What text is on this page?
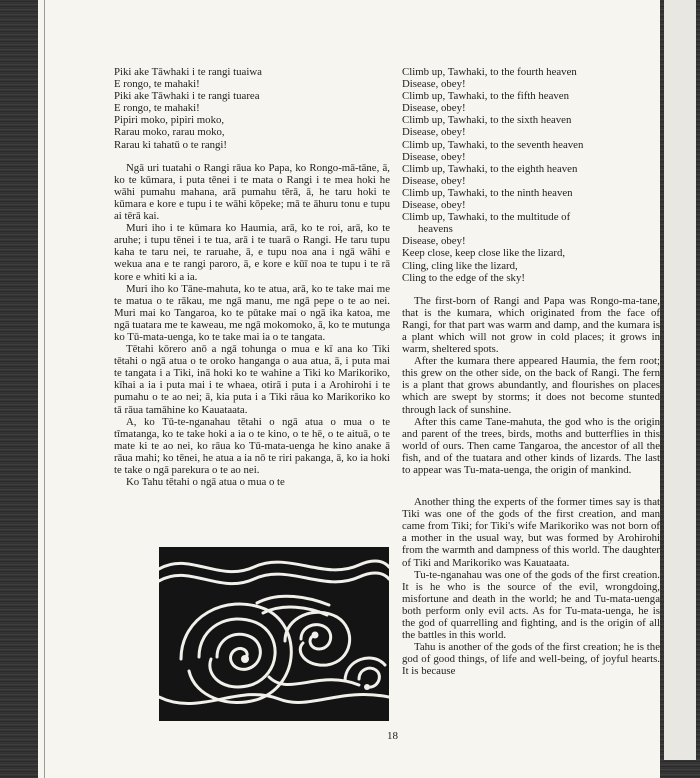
Piki ake Tāwhaki i te rangi tuaiwa
E rongo, te mahaki!
Piki ake Tāwhaki i te rangi tuarea
E rongo, te mahaki!
Pipiri moko, pipiri moko,
Rarau moko, rarau moko,
Rarau ki tahatū o te rangi!

Ngā uri tuatahi o Rangi rāua ko Papa, ko Rongo-mā-tāne, ā, ko te kūmara, i puta tēnei i te mata o Rangi i te mea hoki he wāhi pumahu mahana, arā pumahu tērā, ā, he taru hoki te kūmara e kore e tupu i te wāhi kōpeke; mā te āhuru tonu e tupu ai tērā kai.

Muri iho i te kūmara ko Haumia, arā, ko te roi, arā, ko te aruhe; i tupu tēnei i te tua, arā i te tuarā o Rangi. He taru tupu kaha te taru nei, te raruahe, ā, e tupu noa ana i ngā wāhi e wekua ana e te rangi paroro, ā, e kore e kūī noa te tupu i te rā kore e whiti ki a ia.

Muri iho ko Tāne-mahuta, ko te atua, arā, ko te take mai me te matua o te rākau, me ngā manu, me ngā pepe o te ao nei. Muri mai ko Tangaroa, ko te pūtake mai o ngā ika katoa, me ngā tuatara me te kaweau, me ngā mokomoko, ā, ko te mutunga ko Tū-mata-uenga, ko te take mai ia o te tangata.

Tētahi kōrero anō a ngā tohunga o mua e kī ana ko Tiki tētahi o ngā atua o te oroko hanganga o aua atua, ā, i puta mai te tangata i a Tiki, inā hoki ko te wahine a Tiki ko Marikoriko, kīhai a ia i puta mai i te whaea, otirā i puta i a Arohirohi i te pumahu o te ao nei; ā, kia puta i a Tiki rāua ko Marikoriko ko tā rāua tamāhine ko Kauataata.

A, ko Tū-te-nganahau tētahi o ngā atua o mua o te tīmatanga, ko te take hoki a ia o te kino, o te hē, o te aituā, o te mate ki te ao nei, ko rāua ko Tū-mata-uenga he kino anake ā rāua mahi; ko tēnei, he atua a ia nō te riri pakanga, ā, ko ia hoki te take o ngā parekura o te ao nei.

Ko Tahu tētahi o ngā atua o mua o te

Climb up, Tawhaki, to the fourth heaven
Disease, obey!
Climb up, Tawhaki, to the fifth heaven
Disease, obey!
Climb up, Tawhaki, to the sixth heaven
Disease, obey!
Climb up, Tawhaki, to the seventh heaven
Disease, obey!
Climb up, Tawhaki, to the eighth heaven
Disease, obey!
Climb up, Tawhaki, to the ninth heaven
Disease, obey!
Climb up, Tawhaki, to the multitude of
heavens
Disease, obey!
Keep close, keep close like the lizard,
Cling, cling like the lizard,
Cling to the edge of the sky!

The first-born of Rangi and Papa was Rongo-ma-tane, that is the kumara, which originated from the face of Rangi, for that part was warm and damp, and the kumara is a plant which will not grow in cold places; it grows in warm, sheltered spots.

After the kumara there appeared Haumia, the fern root; this grew on the other side, on the back of Rangi. The fern is a plant that grows abundantly, and flourishes on places which are swept by storms; it does not become stunted through lack of sunshine.

After this came Tane-mahuta, the god who is the origin and parent of the trees, birds, moths and butterflies in this world of ours. Then came Tangaroa, the ancestor of all the fish, and of the tuatara and other kinds of lizards. The last to appear was Tu-mata-uenga, the origin of mankind.

Another thing the experts of the former times say is that Tiki was one of the gods of the first creation, and man came from Tiki; for Tiki's wife Marikoriko was not born of a mother in the usual way, but was formed by Arohirohi from the warmth and dampness of this world. The daughter of Tiki and Marikoriko was Kauataata.

Tu-te-nganahau was one of the gods of the first creation. It is he who is the source of the evil, wrongdoing, misfortune and death in the world; he and Tu-mata-uenga both perform only evil acts. As for Tu-mata-uenga, he is the god of quarrelling and fighting, and is the origin of all the battles in this world.

Tahu is another of the gods of the first creation; he is the god of good things, of life and well-being, of joyful hearts. It is because

18
